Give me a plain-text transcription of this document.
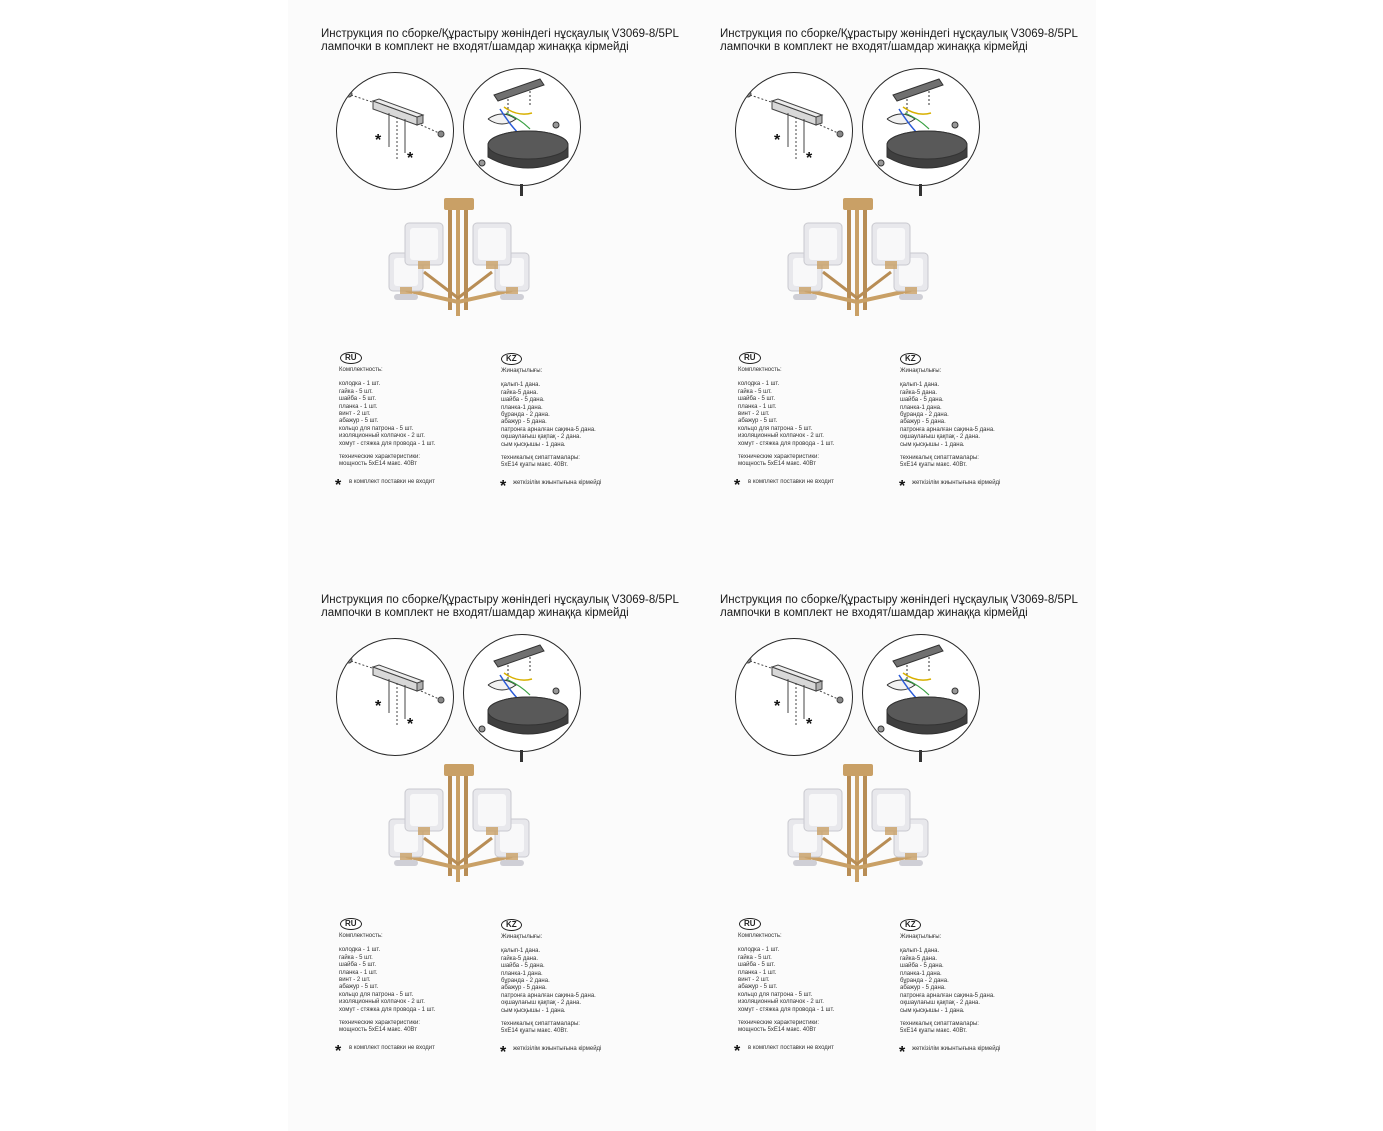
Инструкция по сборке/Құрастыру жөніндегі нұсқаулық V3069-8/5PL
лампочки в комплект не входят/шамдар жинаққа кірмейді
*
*
RU
Комплектность:
колодка - 1 шт.
гайка - 5 шт.
шайба - 5 шт.
планка - 1 шт.
винт - 2 шт.
абажур - 5 шт.
кольцо для патрона - 5 шт.
изоляционный колпачок - 2 шт.
хомут - стяжка для провода - 1 шт.
технические характеристики:
мощность 5хЕ14 макс. 40Вт
* в комплект поставки не входит
KZ
Жинақтылығы:
қалып-1 дана.
гайка-5 дана.
шайба - 5 дана.
планка-1 дана.
бұранда - 2 дана.
абажур - 5 дана.
патронға арналған сақина-5 дана.
оқшаулағыш қақпақ - 2 дана.
сым қысқышы - 1 дана.
техникалық сипаттамалары:
5хЕ14 қуаты макс. 40Вт.
* жеткізілім жиынтығына кірмейді
Инструкция по сборке/Құрастыру жөніндегі нұсқаулық V3069-8/5PL
лампочки в комплект не входят/шамдар жинаққа кірмейді
*
*
RU
Комплектность:
колодка - 1 шт.
гайка - 5 шт.
шайба - 5 шт.
планка - 1 шт.
винт - 2 шт.
абажур - 5 шт.
кольцо для патрона - 5 шт.
изоляционный колпачок - 2 шт.
хомут - стяжка для провода - 1 шт.
технические характеристики:
мощность 5хЕ14 макс. 40Вт
* в комплект поставки не входит
KZ
Жинақтылығы:
қалып-1 дана.
гайка-5 дана.
шайба - 5 дана.
планка-1 дана.
бұранда - 2 дана.
абажур - 5 дана.
патронға арналған сақина-5 дана.
оқшаулағыш қақпақ - 2 дана.
сым қысқышы - 1 дана.
техникалық сипаттамалары:
5хЕ14 қуаты макс. 40Вт.
* жеткізілім жиынтығына кірмейді
Инструкция по сборке/Құрастыру жөніндегі нұсқаулық V3069-8/5PL
лампочки в комплект не входят/шамдар жинаққа кірмейді
*
*
RU
Комплектность:
колодка - 1 шт.
гайка - 5 шт.
шайба - 5 шт.
планка - 1 шт.
винт - 2 шт.
абажур - 5 шт.
кольцо для патрона - 5 шт.
изоляционный колпачок - 2 шт.
хомут - стяжка для провода - 1 шт.
технические характеристики:
мощность 5хЕ14 макс. 40Вт
* в комплект поставки не входит
KZ
Жинақтылығы:
қалып-1 дана.
гайка-5 дана.
шайба - 5 дана.
планка-1 дана.
бұранда - 2 дана.
абажур - 5 дана.
патронға арналған сақина-5 дана.
оқшаулағыш қақпақ - 2 дана.
сым қысқышы - 1 дана.
техникалық сипаттамалары:
5хЕ14 қуаты макс. 40Вт.
* жеткізілім жиынтығына кірмейді
Инструкция по сборке/Құрастыру жөніндегі нұсқаулық V3069-8/5PL
лампочки в комплект не входят/шамдар жинаққа кірмейді
*
*
RU
Комплектность:
колодка - 1 шт.
гайка - 5 шт.
шайба - 5 шт.
планка - 1 шт.
винт - 2 шт.
абажур - 5 шт.
кольцо для патрона - 5 шт.
изоляционный колпачок - 2 шт.
хомут - стяжка для провода - 1 шт.
технические характеристики:
мощность 5хЕ14 макс. 40Вт
* в комплект поставки не входит
KZ
Жинақтылығы:
қалып-1 дана.
гайка-5 дана.
шайба - 5 дана.
планка-1 дана.
бұранда - 2 дана.
абажур - 5 дана.
патронға арналған сақина-5 дана.
оқшаулағыш қақпақ - 2 дана.
сым қысқышы - 1 дана.
техникалық сипаттамалары:
5хЕ14 қуаты макс. 40Вт.
* жеткізілім жиынтығына кірмейді
